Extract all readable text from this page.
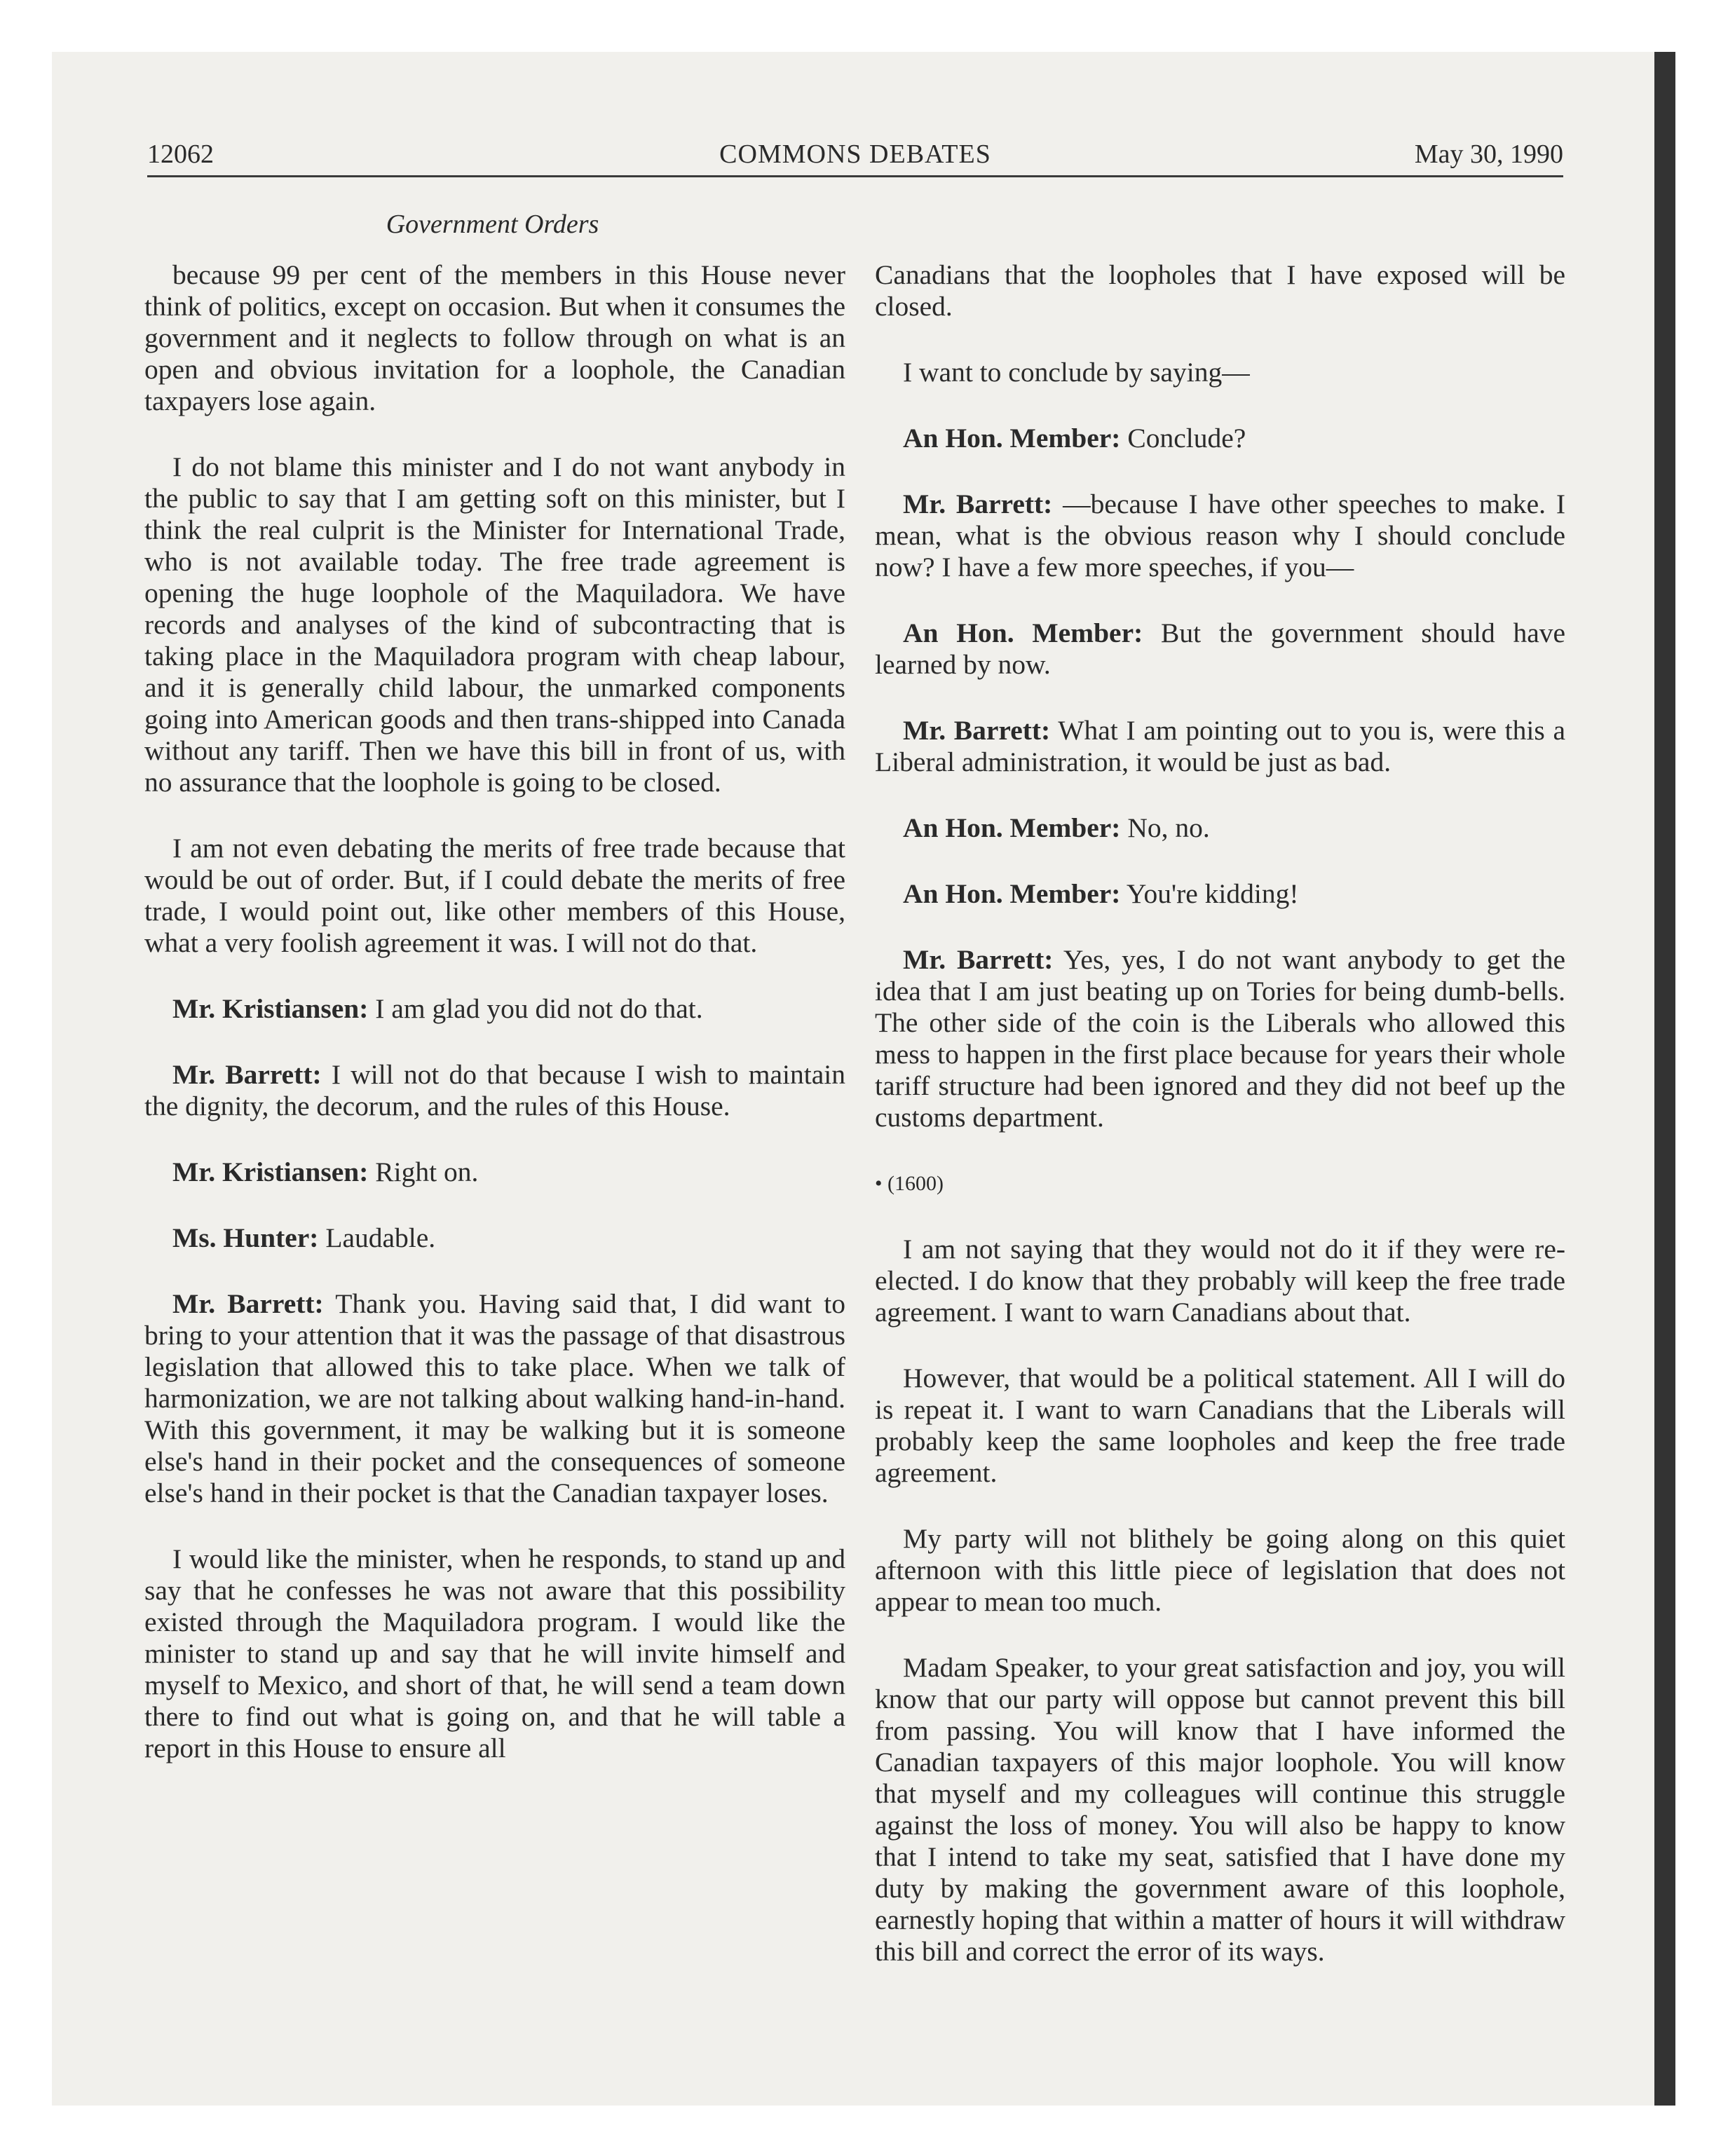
12062	COMMONS DEBATES	May 30, 1990
Government Orders

because 99 per cent of the members in this House never think of politics, except on occasion. But when it consumes the government and it neglects to follow through on what is an open and obvious invitation for a loophole, the Canadian taxpayers lose again.

I do not blame this minister and I do not want anybody in the public to say that I am getting soft on this minister, but I think the real culprit is the Minister for International Trade, who is not available today. The free trade agreement is opening the huge loophole of the Maquiladora. We have records and analyses of the kind of subcontracting that is taking place in the Maquiladora program with cheap labour, and it is generally child labour, the unmarked components going into American goods and then trans-shipped into Canada without any tariff. Then we have this bill in front of us, with no assurance that the loophole is going to be closed.

I am not even debating the merits of free trade because that would be out of order. But, if I could debate the merits of free trade, I would point out, like other members of this House, what a very foolish agreement it was. I will not do that.

Mr. Kristiansen: I am glad you did not do that.

Mr. Barrett: I will not do that because I wish to maintain the dignity, the decorum, and the rules of this House.

Mr. Kristiansen: Right on.

Ms. Hunter: Laudable.

Mr. Barrett: Thank you. Having said that, I did want to bring to your attention that it was the passage of that disastrous legislation that allowed this to take place. When we talk of harmonization, we are not talking about walking hand-in-hand. With this government, it may be walking but it is someone else's hand in their pocket and the consequences of someone else's hand in their pocket is that the Canadian taxpayer loses.

I would like the minister, when he responds, to stand up and say that he confesses he was not aware that this possibility existed through the Maquiladora program. I would like the minister to stand up and say that he will invite himself and myself to Mexico, and short of that, he will send a team down there to find out what is going on, and that he will table a report in this House to ensure all

Canadians that the loopholes that I have exposed will be closed.

I want to conclude by saying—

An Hon. Member: Conclude?

Mr. Barrett: —because I have other speeches to make. I mean, what is the obvious reason why I should conclude now? I have a few more speeches, if you—

An Hon. Member: But the government should have learned by now.

Mr. Barrett: What I am pointing out to you is, were this a Liberal administration, it would be just as bad.

An Hon. Member: No, no.

An Hon. Member: You're kidding!

Mr. Barrett: Yes, yes, I do not want anybody to get the idea that I am just beating up on Tories for being dumb-bells. The other side of the coin is the Liberals who allowed this mess to happen in the first place because for years their whole tariff structure had been ignored and they did not beef up the customs department.

• (1600)

I am not saying that they would not do it if they were re-elected. I do know that they probably will keep the free trade agreement. I want to warn Canadians about that.

However, that would be a political statement. All I will do is repeat it. I want to warn Canadians that the Liberals will probably keep the same loopholes and keep the free trade agreement.

My party will not blithely be going along on this quiet afternoon with this little piece of legislation that does not appear to mean too much.

Madam Speaker, to your great satisfaction and joy, you will know that our party will oppose but cannot prevent this bill from passing. You will know that I have informed the Canadian taxpayers of this major loophole. You will know that myself and my colleagues will continue this struggle against the loss of money. You will also be happy to know that I intend to take my seat, satisfied that I have done my duty by making the government aware of this loophole, earnestly hoping that within a matter of hours it will withdraw this bill and correct the error of its ways.
